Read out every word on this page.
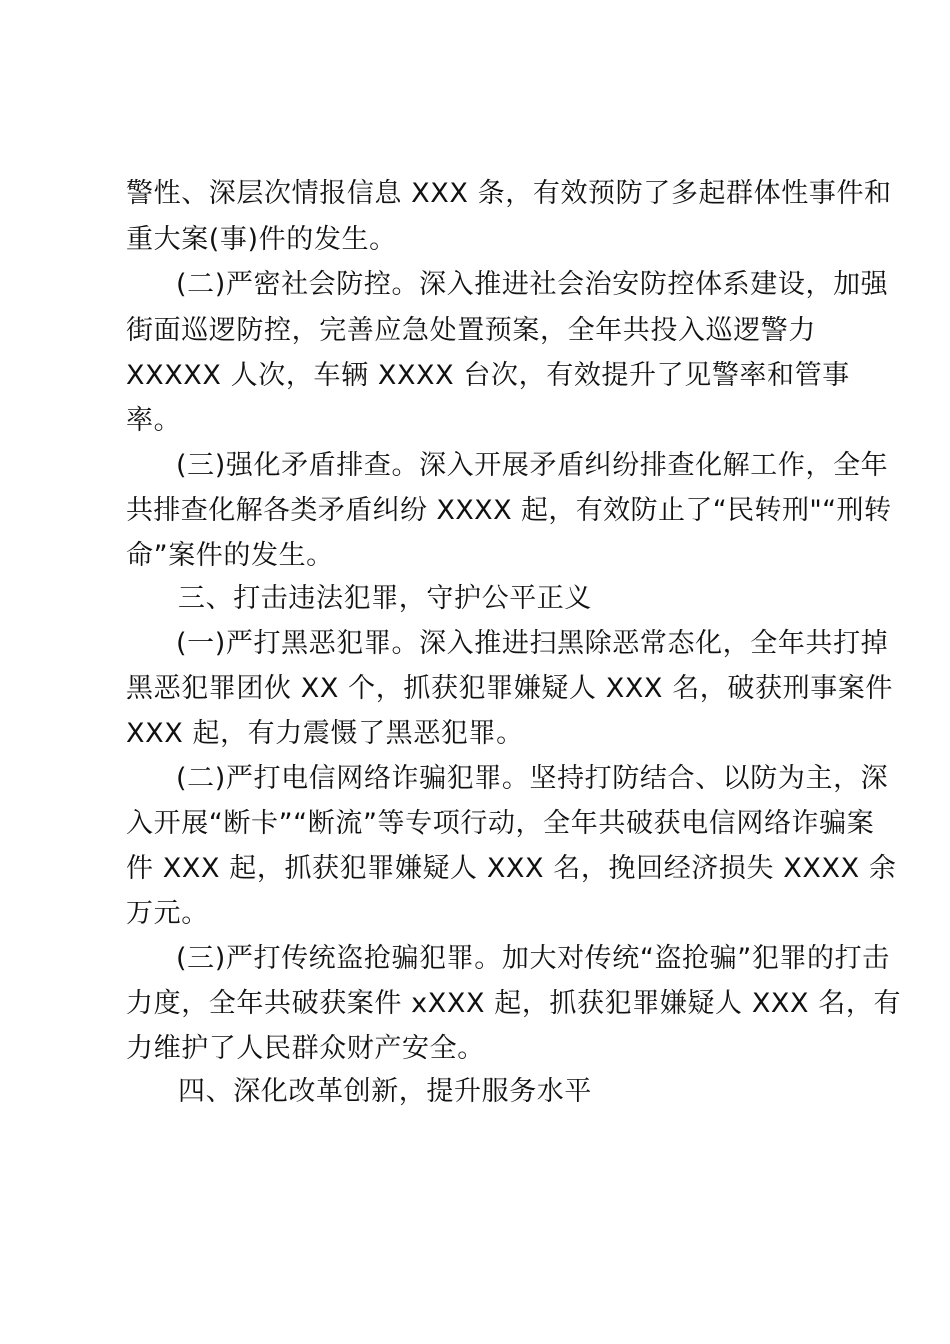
警性、深层次情报信息 XXX 条，有效预防了多起群体性事件和

重大案(事)件的发生。

(二)严密社会防控。深入推进社会治安防控体系建设，加强

街面巡逻防控，完善应急处置预案，全年共投入巡逻警力

XXXXX 人次，车辆 XXXX 台次，有效提升了见警率和管事

率。

(三)强化矛盾排查。深入开展矛盾纠纷排查化解工作，全年

共排查化解各类矛盾纠纷 XXXX 起，有效防止了“民转刑"“刑转

命”案件的发生。

三、打击违法犯罪，守护公平正义

(一)严打黑恶犯罪。深入推进扫黑除恶常态化，全年共打掉

黑恶犯罪团伙 XX 个，抓获犯罪嫌疑人 XXX 名，破获刑事案件

XXX 起，有力震慑了黑恶犯罪。

(二)严打电信网络诈骗犯罪。坚持打防结合、以防为主，深

入开展“断卡”“断流”等专项行动，全年共破获电信网络诈骗案

件 XXX 起，抓获犯罪嫌疑人 XXX 名，挽回经济损失 XXXX 余

万元。

(三)严打传统盗抢骗犯罪。加大对传统“盗抢骗”犯罪的打击

力度，全年共破获案件 xXXX 起，抓获犯罪嫌疑人 XXX 名，有

力维护了人民群众财产安全。

四、深化改革创新，提升服务水平
